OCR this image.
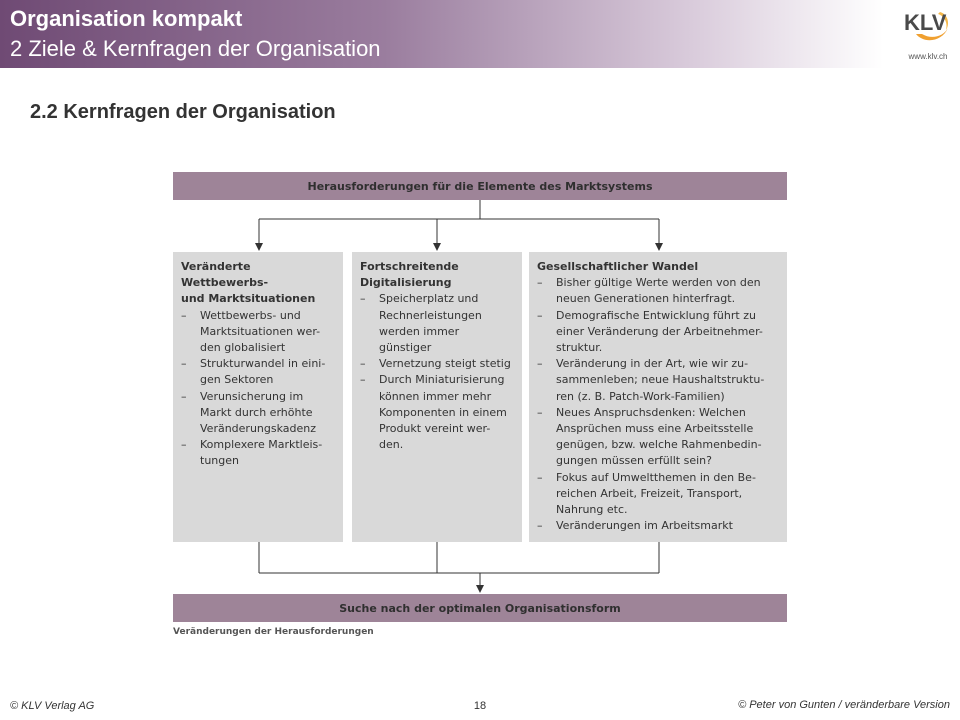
Organisation kompakt
2 Ziele & Kernfragen der Organisation
KLV
www.klv.ch
2.2 Kernfragen der Organisation
Herausforderungen für die Elemente des Marktsystems
Veränderte Wettbewerbs-
und Marktsituationen
– Wettbewerbs- und
Marktsituationen wer-
den globalisiert
– Strukturwandel in eini-
gen Sektoren
– Verunsicherung im
Markt durch erhöhte
Veränderungskadenz
– Komplexere Marktleis-
tungen
Fortschreitende
Digitalisierung
– Speicherplatz und
Rechnerleistungen
werden immer
günstiger
– Vernetzung steigt stetig
– Durch Miniaturisierung
können immer mehr
Komponenten in einem
Produkt vereint wer-
den.
Gesellschaftlicher Wandel
– Bisher gültige Werte werden von den
neuen Generationen hinterfragt.
– Demografische Entwicklung führt zu
einer Veränderung der Arbeitnehmer-
struktur.
– Veränderung in der Art, wie wir zu-
sammenleben; neue Haushaltstruktu-
ren (z. B. Patch-Work-Familien)
– Neues Anspruchsdenken: Welchen
Ansprüchen muss eine Arbeitsstelle
genügen, bzw. welche Rahmenbedin-
gungen müssen erfüllt sein?
– Fokus auf Umweltthemen in den Be-
reichen Arbeit, Freizeit, Transport,
Nahrung etc.
– Veränderungen im Arbeitsmarkt
Suche nach der optimalen Organisationsform
Veränderungen der Herausforderungen
© KLV Verlag AG	18	© Peter von Gunten / veränderbare Version
